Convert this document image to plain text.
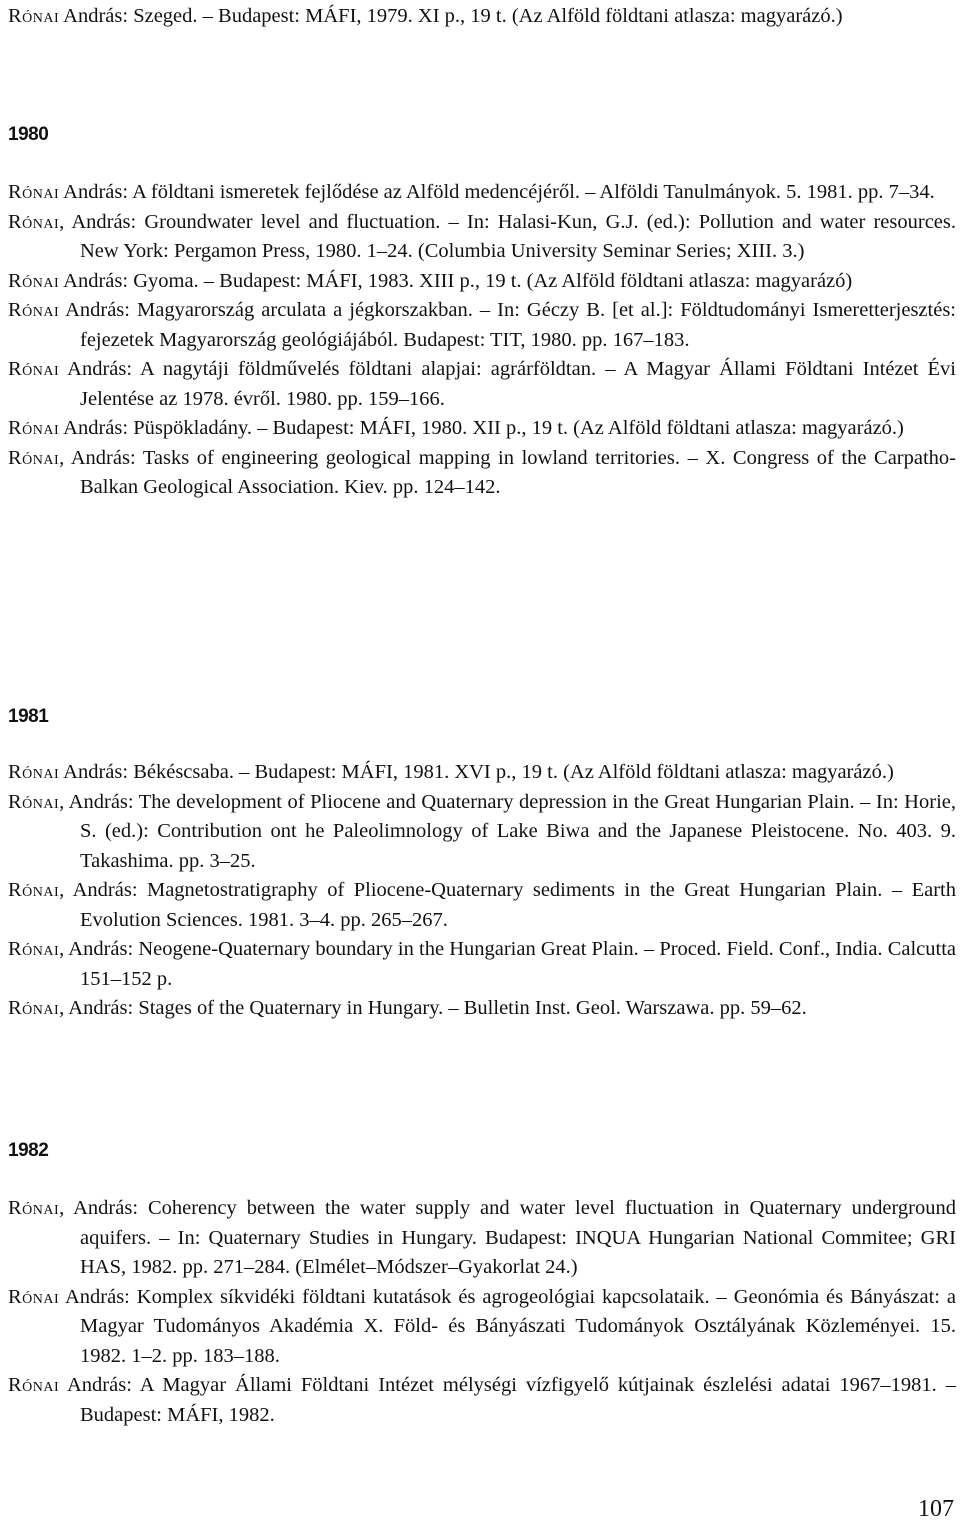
Rónai András: Szeged. – Budapest: MÁFI, 1979. XI p., 19 t. (Az Alföld földtani atlasza: magyarázó.)

1980

Rónai András: A földtani ismeretek fejlődése az Alföld medencéjéről. – Alföldi Tanulmányok. 5. 1981. pp. 7–34.

Rónai, András: Groundwater level and fluctuation. – In: Halasi-Kun, G.J. (ed.): Pollution and water resources. New York: Pergamon Press, 1980. 1–24. (Columbia University Seminar Series; XIII. 3.)

Rónai András: Gyoma. – Budapest: MÁFI, 1983. XIII p., 19 t. (Az Alföld földtani atlasza: magyarázó)

Rónai András: Magyarország arculata a jégkorszakban. – In: Géczy B. [et al.]: Földtudományi Ismeretterjesztés: fejezetek Magyarország geológiájából. Budapest: TIT, 1980. pp. 167–183.

Rónai András: A nagytáji földművelés földtani alapjai: agrárföldtan. – A Magyar Állami Földtani Intézet Évi Jelentése az 1978. évről. 1980. pp. 159–166.

Rónai András: Püspökladány. – Budapest: MÁFI, 1980. XII p., 19 t. (Az Alföld földtani atlasza: magyarázó.)

Rónai, András: Tasks of engineering geological mapping in lowland territories. – X. Congress of the Carpatho-Balkan Geological Association. Kiev. pp. 124–142.

1981

Rónai András: Békéscsaba. – Budapest: MÁFI, 1981. XVI p., 19 t. (Az Alföld földtani atlasza: magyarázó.)

Rónai, András: The development of Pliocene and Quaternary depression in the Great Hungarian Plain. – In: Horie, S. (ed.): Contribution ont he Paleolimnology of Lake Biwa and the Japanese Pleistocene. No. 403. 9. Takashima. pp. 3–25.

Rónai, András: Magnetostratigraphy of Pliocene-Quaternary sediments in the Great Hungarian Plain. – Earth Evolution Sciences. 1981. 3–4. pp. 265–267.

Rónai, András: Neogene-Quaternary boundary in the Hungarian Great Plain. – Proced. Field. Conf., India. Calcutta 151–152 p.

Rónai, András: Stages of the Quaternary in Hungary. – Bulletin Inst. Geol. Warszawa. pp. 59–62.

1982

Rónai, András: Coherency between the water supply and water level fluctuation in Quaternary underground aquifers. – In: Quaternary Studies in Hungary. Budapest: INQUA Hungarian National Commitee; GRI HAS, 1982. pp. 271–284. (Elmélet–Módszer–Gyakorlat 24.)

Rónai András: Komplex síkvidéki földtani kutatások és agrogeológiai kapcsolataik. – Geonómia és Bányászat: a Magyar Tudományos Akadémia X. Föld- és Bányászati Tudományok Osztályának Közleményei. 15. 1982. 1–2. pp. 183–188.

Rónai András: A Magyar Állami Földtani Intézet mélységi vízfigyelő kútjainak észlelési adatai 1967–1981. – Budapest: MÁFI, 1982.

107
